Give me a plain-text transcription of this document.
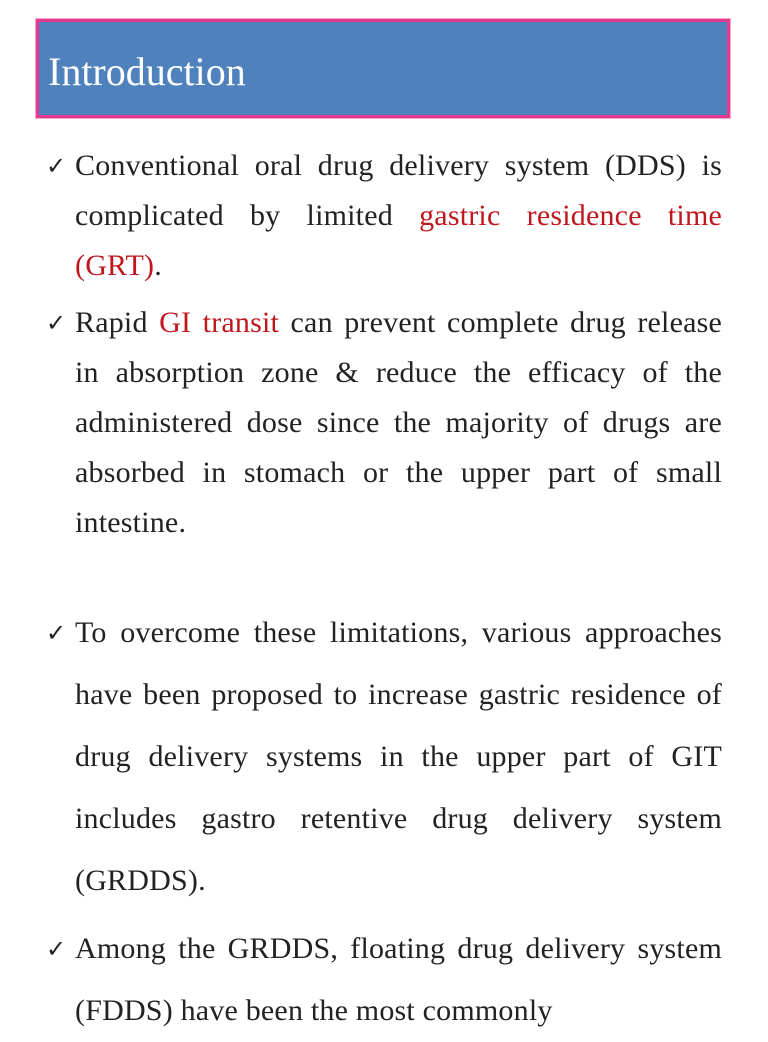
Introduction
✓ Conventional oral drug delivery system (DDS) is complicated by limited gastric residence time (GRT).
✓ Rapid GI transit can prevent complete drug release in absorption zone & reduce the efficacy of the administered dose since the majority of drugs are absorbed in stomach or the upper part of small intestine.
✓ To overcome these limitations, various approaches have been proposed to increase gastric residence of drug delivery systems in the upper part of GIT includes gastro retentive drug delivery system (GRDDS).
✓ Among the GRDDS, floating drug delivery system (FDDS) have been the most commonly
